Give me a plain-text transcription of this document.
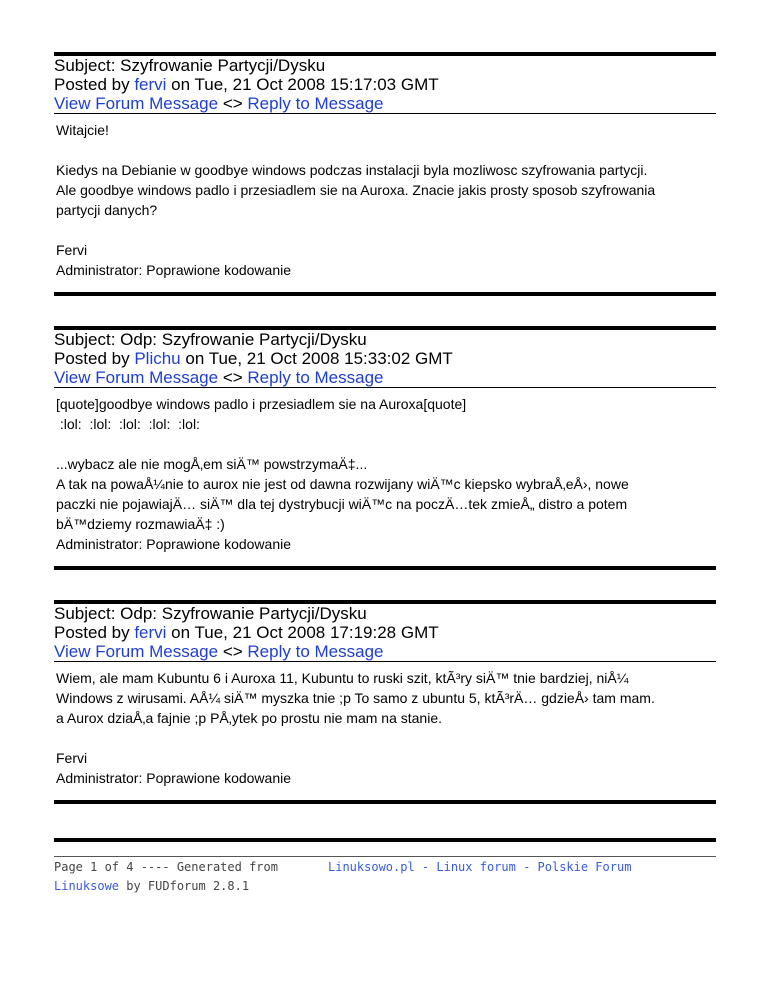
Subject: Szyfrowanie Partycji/Dysku
Posted by fervi on Tue, 21 Oct 2008 15:17:03 GMT
View Forum Message <> Reply to Message
Witajcie!

Kiedys na Debianie w goodbye windows podczas instalacji byla mozliwosc szyfrowania partycji.
Ale goodbye windows padlo i przesiadlem sie na Auroxa. Znacie jakis prosty sposob szyfrowania
partycji danych?

Fervi
Administrator: Poprawione kodowanie
Subject: Odp: Szyfrowanie Partycji/Dysku
Posted by Plichu on Tue, 21 Oct 2008 15:33:02 GMT
View Forum Message <> Reply to Message
[quote]goodbye windows padlo i przesiadlem sie na Auroxa[quote]
:lol:  :lol:  :lol:  :lol:  :lol:

...wybacz ale nie mogÅ‚em siÄ™ powstrzymaÄ‡...
A tak na powaÅ¼nie to aurox nie jest od dawna rozwijany wiÄ™c kiepsko wybraÅ‚eÅ›, nowe
paczki nie pojawiajÄ… siÄ™ dla tej dystrybucji wiÄ™c na poczÄ…tek zmieÅ„ distro a potem
bÄ™dziemy rozmawiaÄ‡ :)
Administrator: Poprawione kodowanie
Subject: Odp: Szyfrowanie Partycji/Dysku
Posted by fervi on Tue, 21 Oct 2008 17:19:28 GMT
View Forum Message <> Reply to Message
Wiem, ale mam Kubuntu 6 i Auroxa 11, Kubuntu to ruski szit, ktÃ³ry siÄ™ tnie bardziej, niÅ¼
Windows z wirusami. AÅ¼ siÄ™ myszka tnie ;p To samo z ubuntu 5, ktÃ³rÄ… gdzieÅ› tam mam.
a Aurox dziaÅ‚a fajnie ;p PÅ‚ytek po prostu nie mam na stanie.

Fervi
Administrator: Poprawione kodowanie
Page 1 of 4 ---- Generated from
Linuksowe by FUDforum 2.8.1
Linuksowo.pl - Linux forum - Polskie Forum
